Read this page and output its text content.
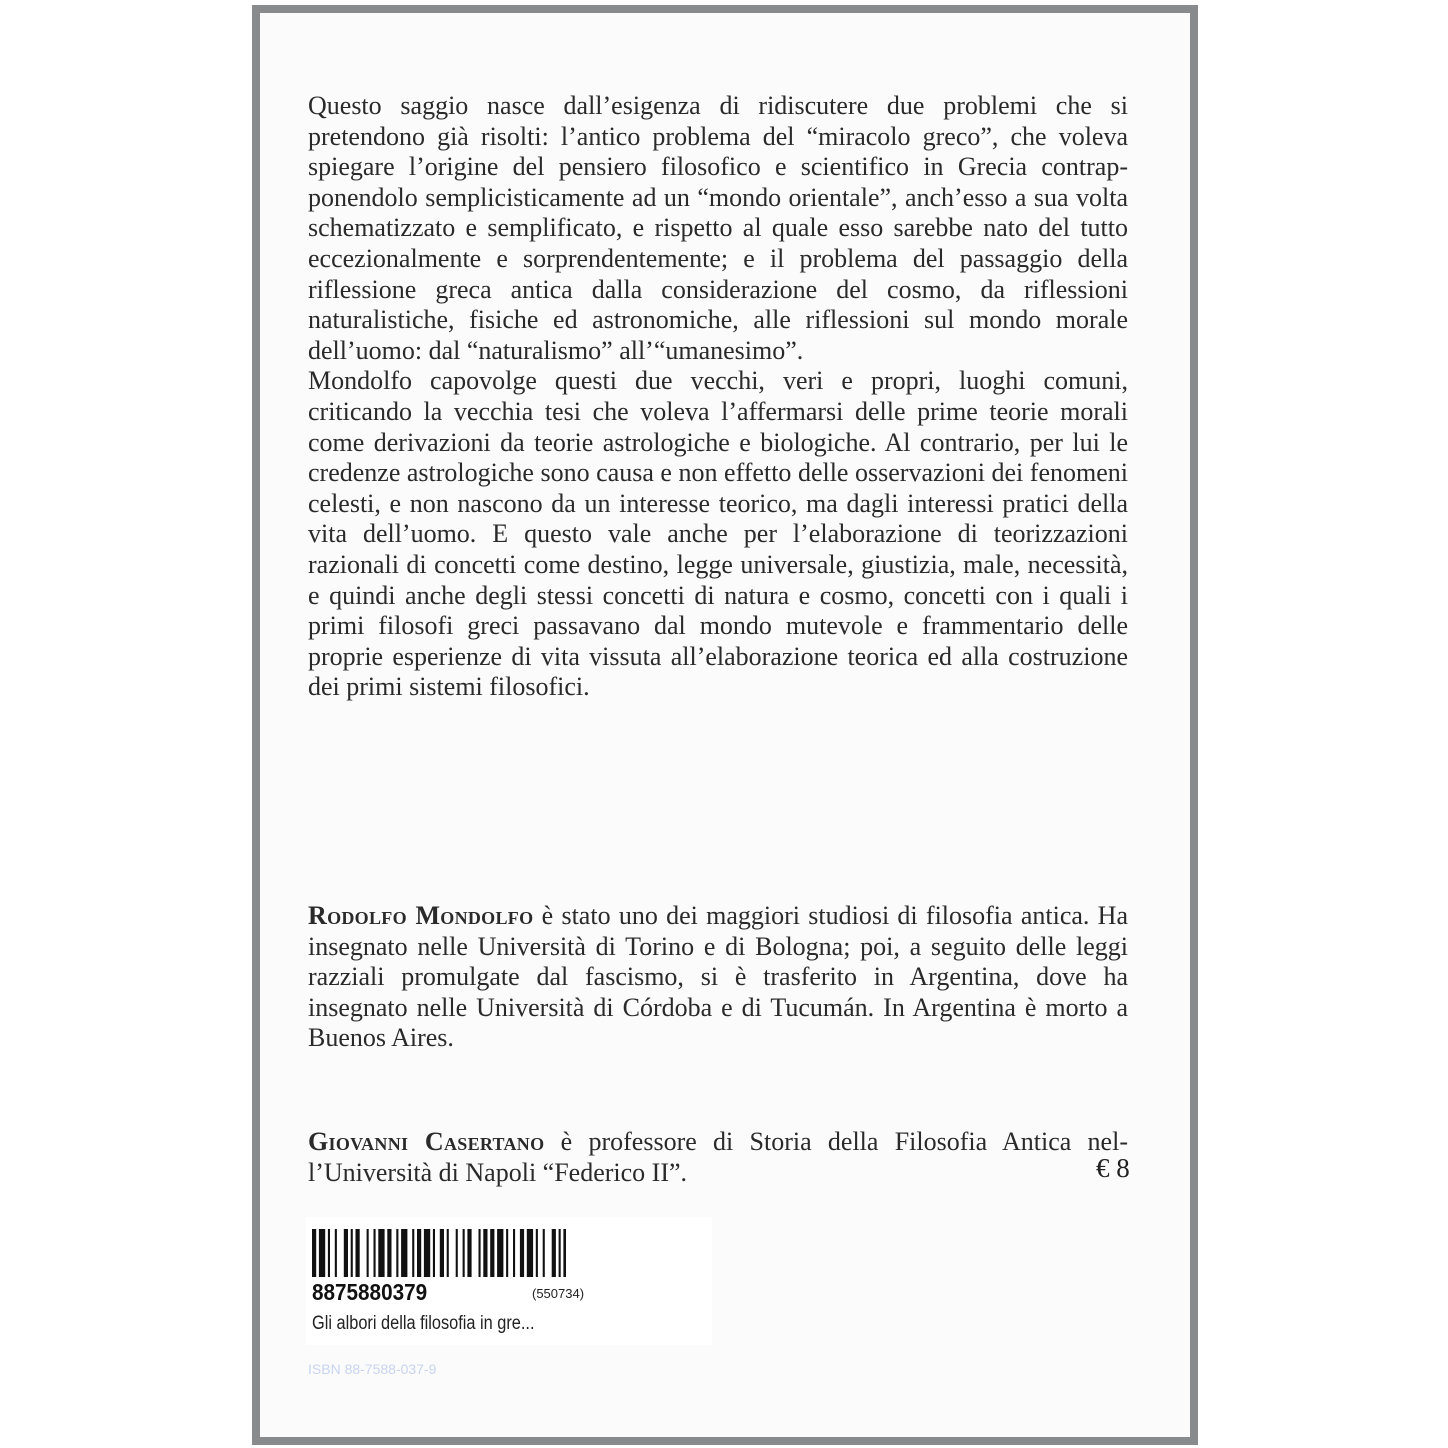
Questo saggio nasce dall’esigenza di ridiscutere due problemi che si pretendono già risolti: l’antico problema del “miracolo greco”, che voleva spiegare l’origine del pensiero filosofico e scientifico in Grecia contrapponendolo semplicisticamente ad un “mondo orientale”, anch’esso a sua volta schematizzato e semplificato, e rispetto al quale esso sarebbe nato del tutto eccezionalmente e sorprendentemente; e il problema del passaggio della riflessione greca antica dalla considerazione del cosmo, da riflessioni naturalistiche, fisiche ed astronomiche, alle riflessioni sul mondo morale dell’uomo: dal “naturalismo” all’“umanesimo”.

Mondolfo capovolge questi due vecchi, veri e propri, luoghi comuni, criticando la vecchia tesi che voleva l’affermarsi delle prime teorie morali come derivazioni da teorie astrologiche e biologiche. Al contrario, per lui le credenze astrologiche sono causa e non effetto delle osservazioni dei fenomeni celesti, e non nascono da un interesse teorico, ma dagli interessi pratici della vita dell’uomo. E questo vale anche per l’elaborazione di teorizzazioni razionali di concetti come destino, legge universale, giustizia, male, necessità, e quindi anche degli stessi concetti di natura e cosmo, concetti con i quali i primi filosofi greci passavano dal mondo mutevole e frammentario delle proprie esperienze di vita vissuta all’elaborazione teorica ed alla costruzione dei primi sistemi filosofici.

Rodolfo Mondolfo è stato uno dei maggiori studiosi di filosofia antica. Ha insegnato nelle Università di Torino e di Bologna; poi, a seguito delle leggi razziali promulgate dal fascismo, si è trasferito in Argentina, dove ha insegnato nelle Università di Córdoba e di Tucumán. In Argentina è morto a Buenos Aires.
Giovanni Casertano è professore di Storia della Filosofia Antica nell’Università di Napoli “Federico II”.
8875880379	(550734)
Gli albori della filosofia in gre...
ISBN 88-7588-037-9
€ 8
